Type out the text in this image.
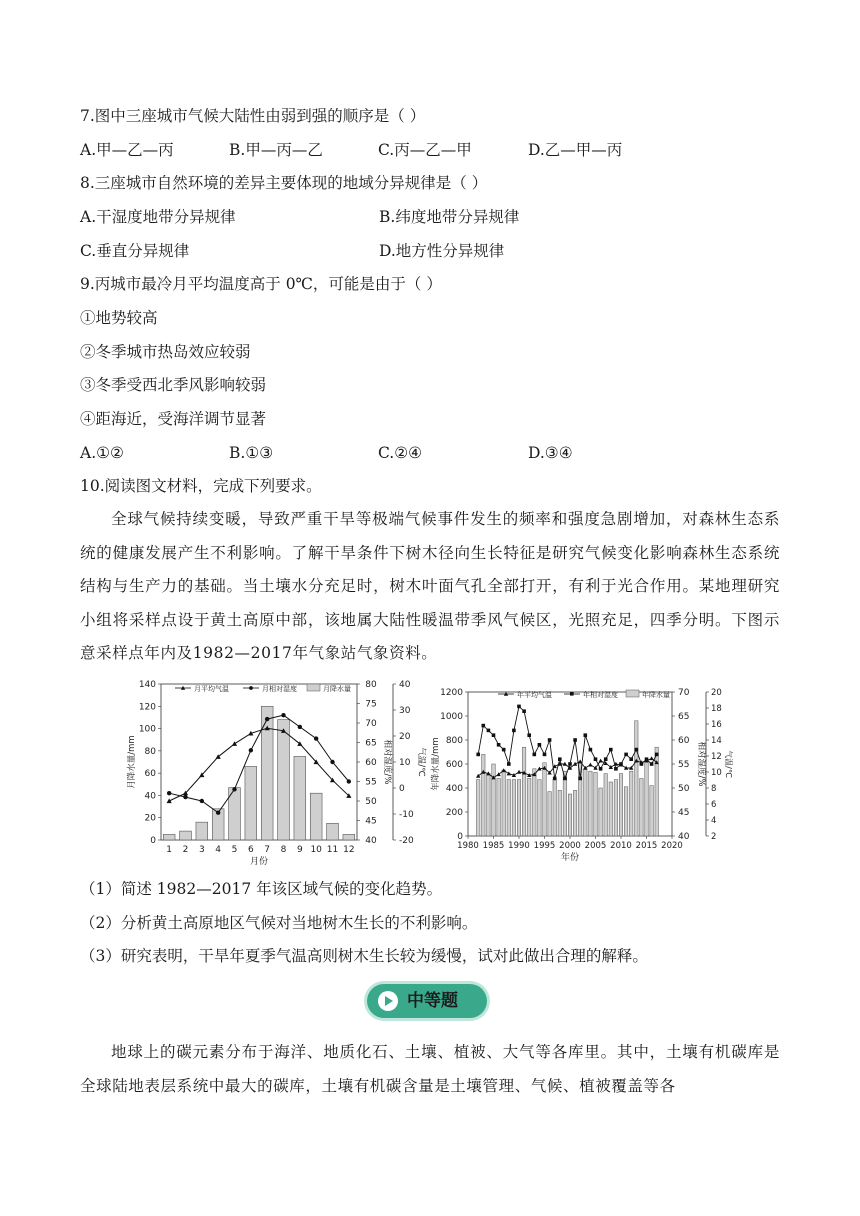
7.图中三座城市气候大陆性由弱到强的顺序是（ ）
A.甲—乙—丙	B.甲—丙—乙	C.丙—乙—甲	D.乙—甲—丙
8.三座城市自然环境的差异主要体现的地域分异规律是（ ）
A.干湿度地带分异规律	B.纬度地带分异规律
C.垂直分异规律	D.地方性分异规律
9.丙城市最冷月平均温度高于 0℃，可能是由于（ ）
①地势较高
②冬季城市热岛效应较弱
③冬季受西北季风影响较弱
④距海近，受海洋调节显著
A.①②	B.①③	C.②④	D.③④
10.阅读图文材料，完成下列要求。
全球气候持续变暖，导致严重干旱等极端气候事件发生的频率和强度急剧增加，对森林生态系统的健康发展产生不利影响。了解干旱条件下树木径向生长特征是研究气候变化影响森林生态系统结构与生产力的基础。当土壤水分充足时，树木叶面气孔全部打开，有利于光合作用。某地理研究小组将采样点设于黄土高原中部，该地属大陆性暖温带季风气候区，光照充足，四季分明。下图示意采样点年内及1982—2017年气象站气象资料。
0
20
40
60
80
100
120
140
40
45
50
55
60
65
70
75
80
-20
-10
0
10
20
30
40
1 2 3 4 5 6 7 8 9 10 11 12
月份
月降水量/mm	相对湿度/%	气温/℃
月平均气温	月相对湿度	月降水量
0
200
400
600
800
1000
1200
40
45
50
55
60
65
70
2
4
6
8
10
12
14
16
18
20
1980 1985 1990 1995 2000 2005 2010 2015 2020
年份
年降水量/mm	相对湿度/% 气温/℃
年平均气温	年相对湿度	年降水量
（1）简述 1982—2017 年该区域气候的变化趋势。
（2）分析黄土高原地区气候对当地树木生长的不利影响。
（3）研究表明，干旱年夏季气温高则树木生长较为缓慢，试对此做出合理的解释。
中等题
地球上的碳元素分布于海洋、地质化石、土壤、植被、大气等各库里。其中，土壤有机碳库是全球陆地表层系统中最大的碳库，土壤有机碳含量是土壤管理、气候、植被覆盖等各
